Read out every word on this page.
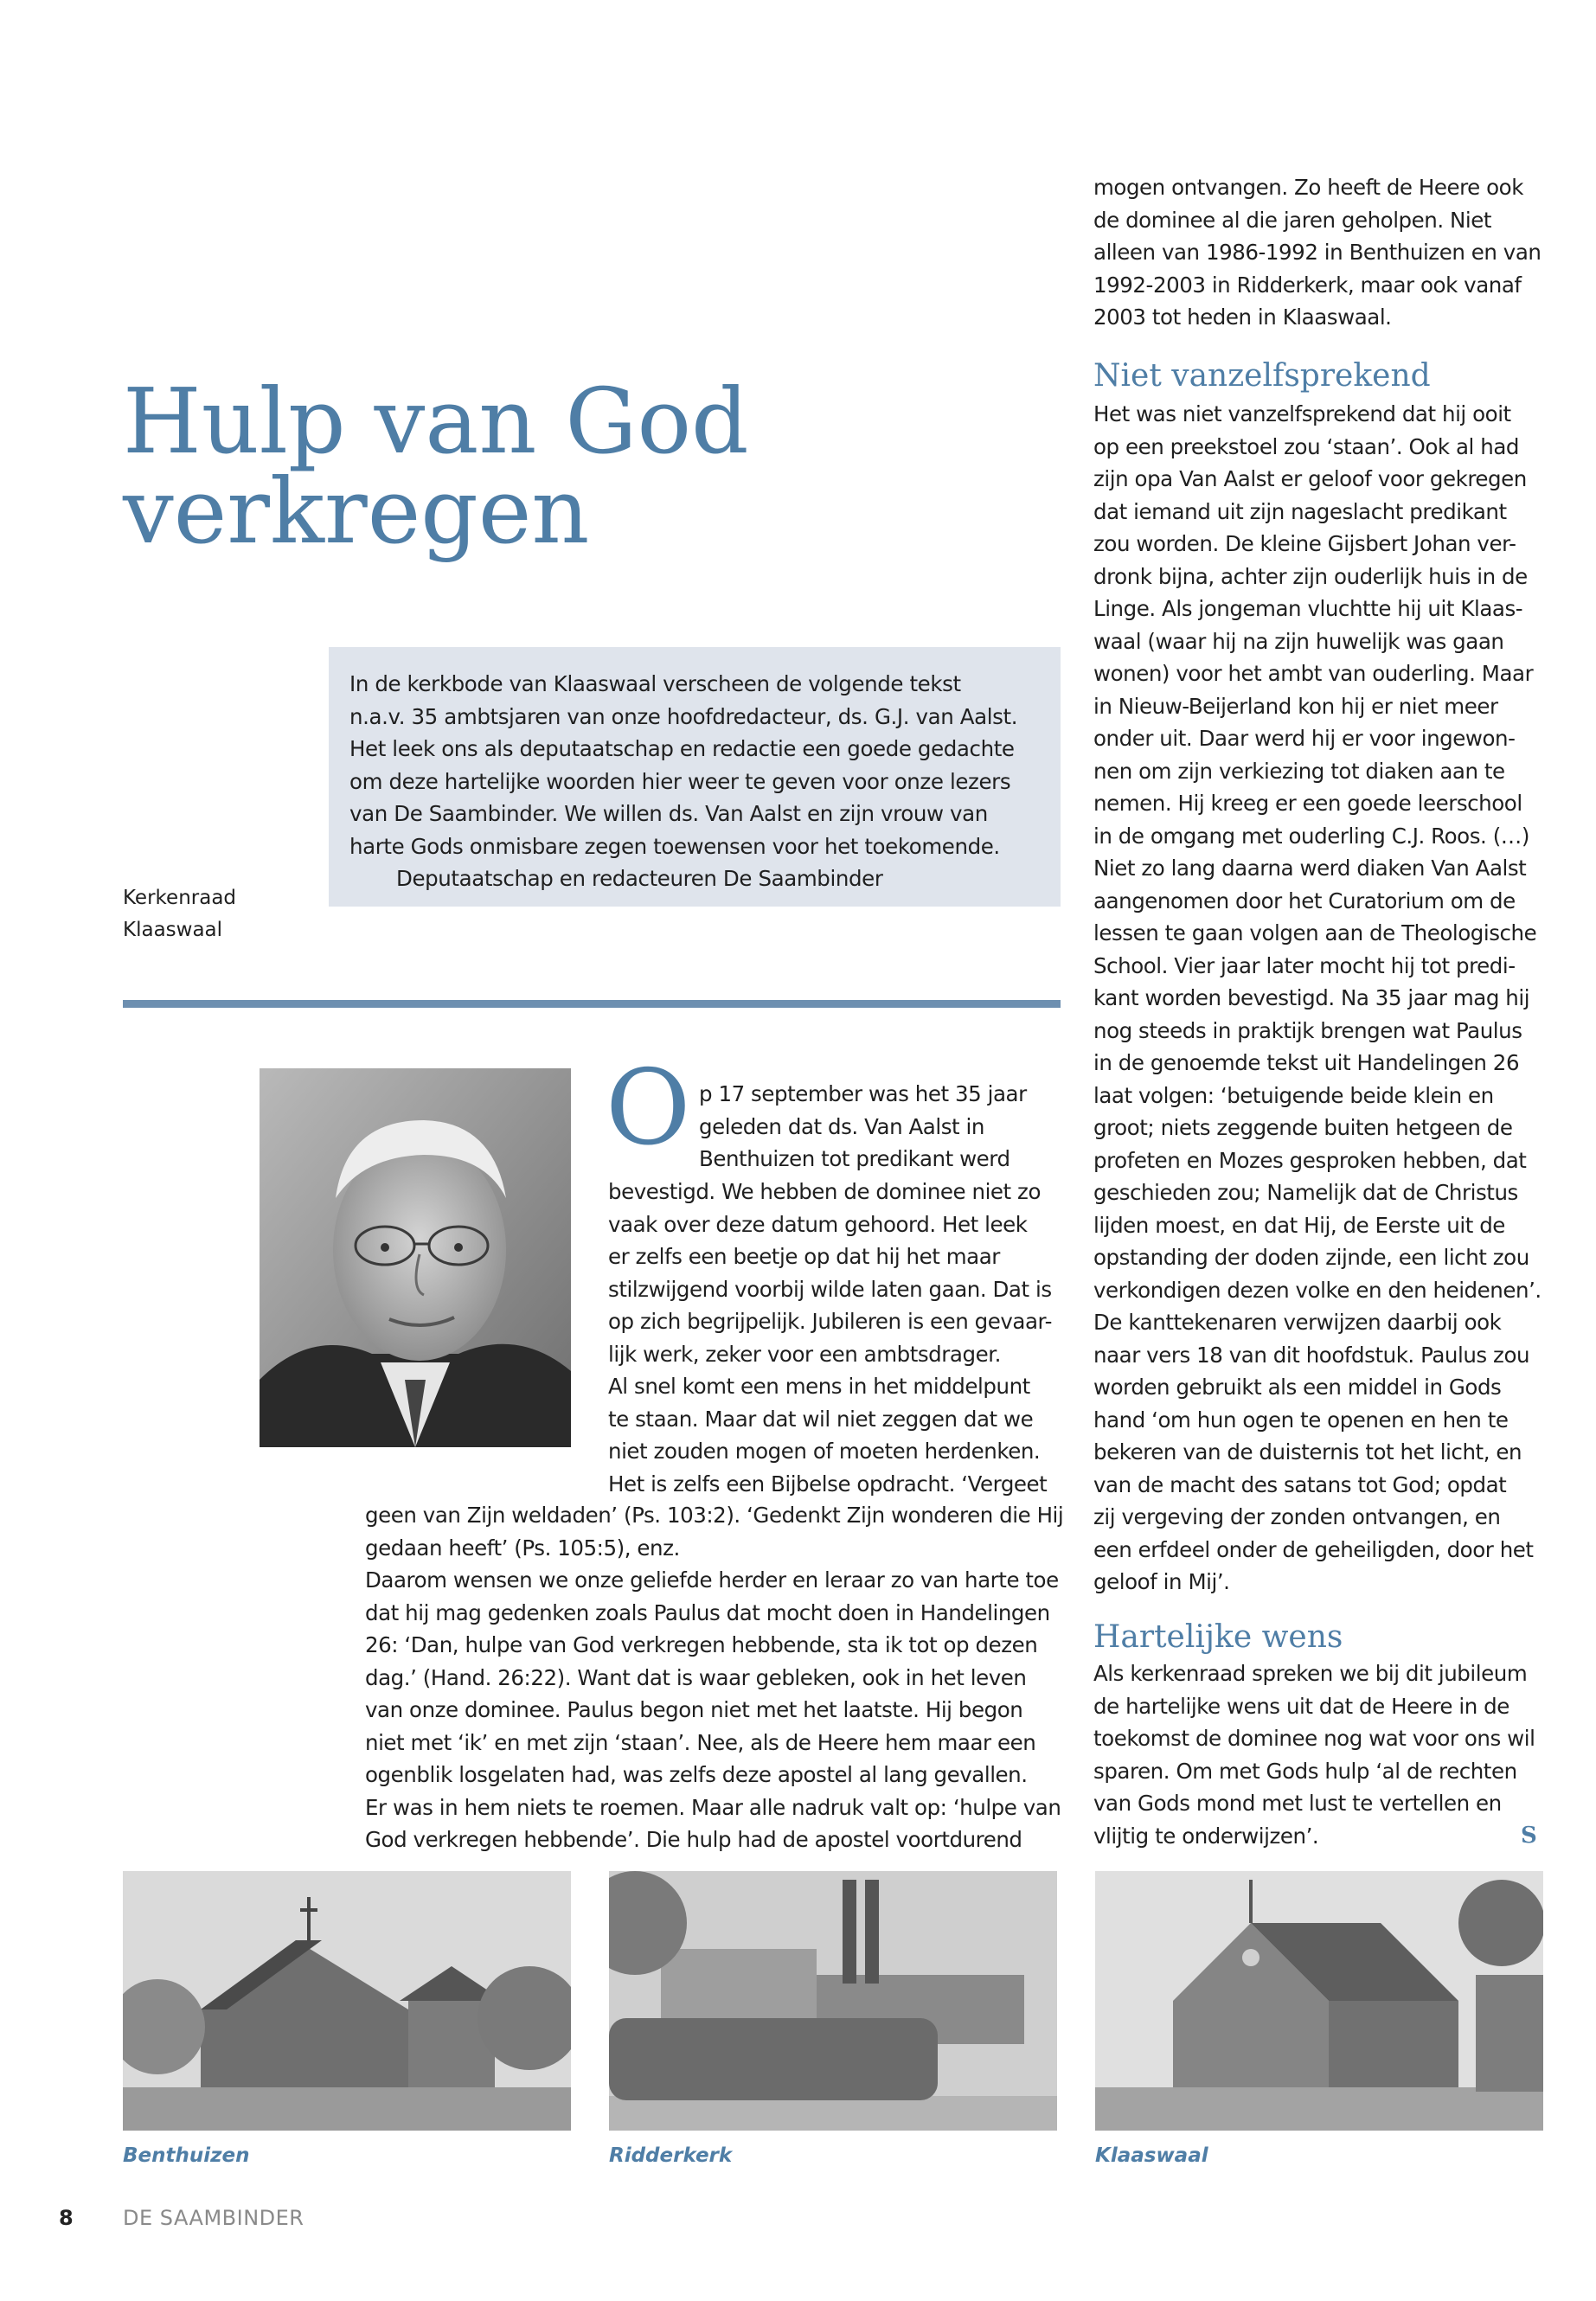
Hulp van God
verkregen
In de kerkbode van Klaaswaal verscheen de volgende tekst
n.a.v. 35 ambtsjaren van onze hoofdredacteur, ds. G.J. van Aalst.
Het leek ons als deputaatschap en redactie een goede gedachte
om deze hartelijke woorden hier weer te geven voor onze lezers
van De Saambinder. We willen ds. Van Aalst en zijn vrouw van
harte Gods onmisbare zegen toewensen voor het toekomende.
Deputaatschap en redacteuren De Saambinder
Kerkenraad
Klaaswaal
O p 17 september was het 35 jaar
geleden dat ds. Van Aalst in
Benthuizen tot predikant werd
bevestigd. We hebben de dominee niet zo
vaak over deze datum gehoord. Het leek
er zelfs een beetje op dat hij het maar
stilzwijgend voorbij wilde laten gaan. Dat is
op zich begrijpelijk. Jubileren is een gevaar-
lijk werk, zeker voor een ambtsdrager.
Al snel komt een mens in het middelpunt
te staan. Maar dat wil niet zeggen dat we
niet zouden mogen of moeten herdenken.
Het is zelfs een Bijbelse opdracht. ‘Vergeet
geen van Zijn weldaden’ (Ps. 103:2). ‘Gedenkt Zijn wonderen die Hij
gedaan heeft’ (Ps. 105:5), enz.
Daarom wensen we onze geliefde herder en leraar zo van harte toe
dat hij mag gedenken zoals Paulus dat mocht doen in Handelingen
26: ‘Dan, hulpe van God verkregen hebbende, sta ik tot op dezen
dag.’ (Hand. 26:22). Want dat is waar gebleken, ook in het leven
van onze dominee. Paulus begon niet met het laatste. Hij begon
niet met ‘ik’ en met zijn ‘staan’. Nee, als de Heere hem maar een
ogenblik losgelaten had, was zelfs deze apostel al lang gevallen.
Er was in hem niets te roemen. Maar alle nadruk valt op: ‘hulpe van
God verkregen hebbende’. Die hulp had de apostel voortdurend
mogen ontvangen. Zo heeft de Heere ook
de dominee al die jaren geholpen. Niet
alleen van 1986-1992 in Benthuizen en van
1992-2003 in Ridderkerk, maar ook vanaf
2003 tot heden in Klaaswaal.
Niet vanzelfsprekend
Het was niet vanzelfsprekend dat hij ooit
op een preekstoel zou ‘staan’. Ook al had
zijn opa Van Aalst er geloof voor gekregen
dat iemand uit zijn nageslacht predikant
zou worden. De kleine Gijsbert Johan ver-
dronk bijna, achter zijn ouderlijk huis in de
Linge. Als jongeman vluchtte hij uit Klaas-
waal (waar hij na zijn huwelijk was gaan
wonen) voor het ambt van ouderling. Maar
in Nieuw-Beijerland kon hij er niet meer
onder uit. Daar werd hij er voor ingewon-
nen om zijn verkiezing tot diaken aan te
nemen. Hij kreeg er een goede leerschool
in de omgang met ouderling C.J. Roos. (…)
Niet zo lang daarna werd diaken Van Aalst
aangenomen door het Curatorium om de
lessen te gaan volgen aan de Theologische
School. Vier jaar later mocht hij tot predi-
kant worden bevestigd. Na 35 jaar mag hij
nog steeds in praktijk brengen wat Paulus
in de genoemde tekst uit Handelingen 26
laat volgen: ‘betuigende beide klein en
groot; niets zeggende buiten hetgeen de
profeten en Mozes gesproken hebben, dat
geschieden zou; Namelijk dat de Christus
lijden moest, en dat Hij, de Eerste uit de
opstanding der doden zijnde, een licht zou
verkondigen dezen volke en den heidenen’.
De kanttekenaren verwijzen daarbij ook
naar vers 18 van dit hoofdstuk. Paulus zou
worden gebruikt als een middel in Gods
hand ‘om hun ogen te openen en hen te
bekeren van de duisternis tot het licht, en
van de macht des satans tot God; opdat
zij vergeving der zonden ontvangen, en
een erfdeel onder de geheiligden, door het
geloof in Mij’.
Hartelijke wens
Als kerkenraad spreken we bij dit jubileum
de hartelijke wens uit dat de Heere in de
toekomst de dominee nog wat voor ons wil
sparen. Om met Gods hulp ‘al de rechten
van Gods mond met lust te vertellen en
vlijtig te onderwijzen’.	S
Benthuizen	Ridderkerk	Klaaswaal
8 DE SAAMBINDER
